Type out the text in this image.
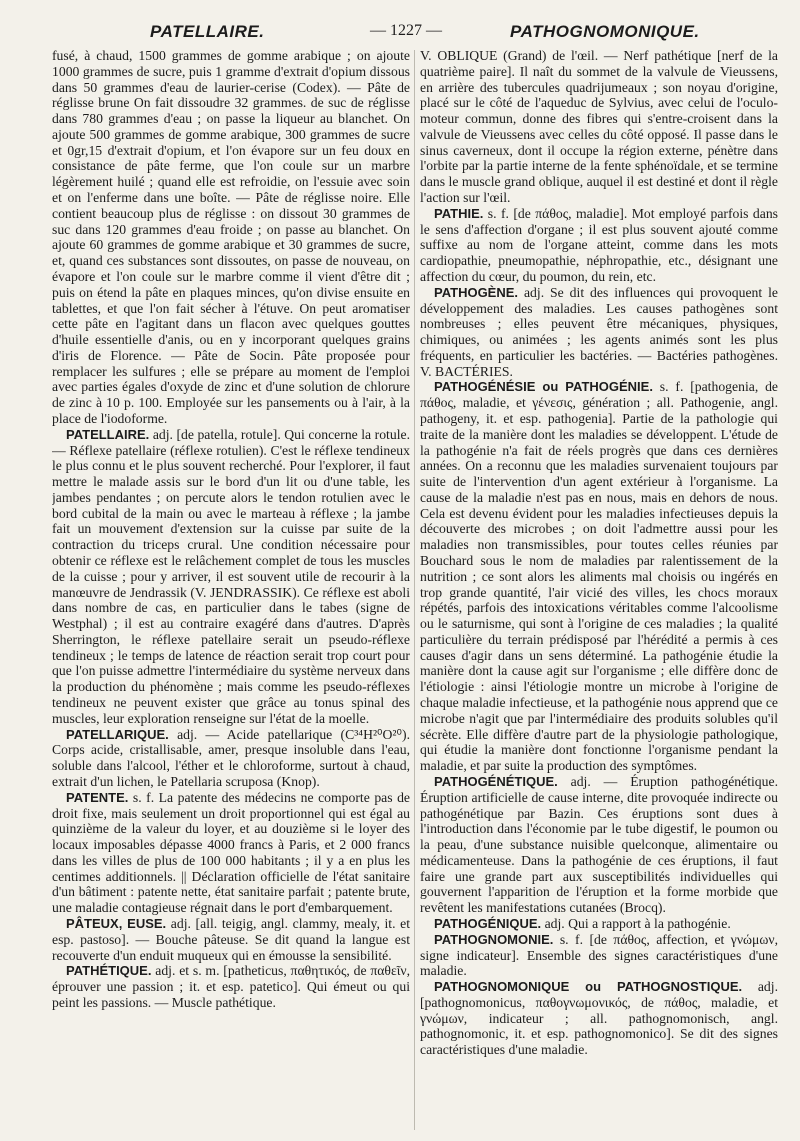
PATELLAIRE.	— 1227 —	PATHOGNOMONIQUE.

fusé, à chaud, 1500 grammes de gomme arabique ; on ajoute 1000 grammes de sucre, puis 1 gramme d'extrait d'opium dissous dans 50 grammes d'eau de laurier-cerise (Codex). — Pâte de réglisse brune On fait dissoudre 32 grammes. de suc de réglisse dans 780 grammes d'eau ; on passe la liqueur au blanchet. On ajoute 500 grammes de gomme arabique, 300 grammes de sucre et 0gr,15 d'extrait d'opium, et l'on évapore sur un feu doux en consistance de pâte ferme, que l'on coule sur un marbre légèrement huilé ; quand elle est refroidie, on l'essuie avec soin et on l'enferme dans une boîte. — Pâte de réglisse noire. Elle contient beaucoup plus de réglisse : on dissout 30 grammes de suc dans 120 grammes d'eau froide ; on passe au blanchet. On ajoute 60 grammes de gomme arabique et 30 grammes de sucre, et, quand ces substances sont dissoutes, on passe de nouveau, on évapore et l'on coule sur le marbre comme il vient d'être dit ; puis on étend la pâte en plaques minces, qu'on divise ensuite en tablettes, et que l'on fait sécher à l'étuve. On peut aromatiser cette pâte en l'agitant dans un flacon avec quelques gouttes d'huile essentielle d'anis, ou en y incorporant quelques grains d'iris de Florence. — Pâte de Socin. Pâte proposée pour remplacer les sulfures ; elle se prépare au moment de l'emploi avec parties égales d'oxyde de zinc et d'une solution de chlorure de zinc à 10 p. 100. Employée sur les pansements ou à l'air, à la place de l'iodoforme.

PATELLAIRE. adj. [de patella, rotule]. Qui concerne la rotule. — Réflexe patellaire (réflexe rotulien). C'est le réflexe tendineux le plus connu et le plus souvent recherché. Pour l'explorer, il faut mettre le malade assis sur le bord d'un lit ou d'une table, les jambes pendantes ; on percute alors le tendon rotulien avec le bord cubital de la main ou avec le marteau à réflexe ; la jambe fait un mouvement d'extension sur la cuisse par suite de la contraction du triceps crural. Une condition nécessaire pour obtenir ce réflexe est le relâchement complet de tous les muscles de la cuisse ; pour y arriver, il est souvent utile de recourir à la manœuvre de Jendrassik (V. JENDRASSIK). Ce réflexe est aboli dans nombre de cas, en particulier dans le tabes (signe de Westphal) ; il est au contraire exagéré dans d'autres. D'après Sherrington, le réflexe patellaire serait un pseudo-réflexe tendineux ; le temps de latence de réaction serait trop court pour que l'on puisse admettre l'intermédiaire du système nerveux dans la production du phénomène ; mais comme les pseudo-réflexes tendineux ne peuvent exister que grâce au tonus spinal des muscles, leur exploration renseigne sur l'état de la moelle.

PATELLARIQUE. adj. — Acide patellarique (C³⁴H²⁰O²⁰). Corps acide, cristallisable, amer, presque insoluble dans l'eau, soluble dans l'alcool, l'éther et le chloroforme, surtout à chaud, extrait d'un lichen, le Patellaria scruposa (Knop).

PATENTE. s. f. La patente des médecins ne comporte pas de droit fixe, mais seulement un droit proportionnel qui est égal au quinzième de la valeur du loyer, et au douzième si le loyer des locaux imposables dépasse 4000 francs à Paris, et 2 000 francs dans les villes de plus de 100 000 habitants ; il y a en plus les centimes additionnels. || Déclaration officielle de l'état sanitaire d'un bâtiment : patente nette, état sanitaire parfait ; patente brute, une maladie contagieuse régnait dans le port d'embarquement.

PÂTEUX, EUSE. adj. [all. teigig, angl. clammy, mealy, it. et esp. pastoso]. — Bouche pâteuse. Se dit quand la langue est recouverte d'un enduit muqueux qui en émousse la sensibilité.

PATHÉTIQUE. adj. et s. m. [patheticus, παθητικός, de παθεῖν, éprouver une passion ; it. et esp. patetico]. Qui émeut ou qui peint les passions. — Muscle pathétique.

V. OBLIQUE (Grand) de l'œil. — Nerf pathétique [nerf de la quatrième paire]. Il naît du sommet de la valvule de Vieussens, en arrière des tubercules quadrijumeaux ; son noyau d'origine, placé sur le côté de l'aqueduc de Sylvius, avec celui de l'oculo-moteur commun, donne des fibres qui s'entre-croisent dans la valvule de Vieussens avec celles du côté opposé. Il passe dans le sinus caverneux, dont il occupe la région externe, pénètre dans l'orbite par la partie interne de la fente sphénoïdale, et se termine dans le muscle grand oblique, auquel il est destiné et dont il règle l'action sur l'œil.

PATHIE. s. f. [de πάθος, maladie]. Mot employé parfois dans le sens d'affection d'organe ; il est plus souvent ajouté comme suffixe au nom de l'organe atteint, comme dans les mots cardiopathie, pneumopathie, néphropathie, etc., désignant une affection du cœur, du poumon, du rein, etc.

PATHOGÈNE. adj. Se dit des influences qui provoquent le développement des maladies. Les causes pathogènes sont nombreuses ; elles peuvent être mécaniques, physiques, chimiques, ou animées ; les agents animés sont les plus fréquents, en particulier les bactéries. — Bactéries pathogènes. V. BACTÉRIES.

PATHOGÉNÉSIE ou PATHOGÉNIE. s. f. [pathogenia, de πάθος, maladie, et γένεσις, génération ; all. Pathogenie, angl. pathogeny, it. et esp. pathogenia]. Partie de la pathologie qui traite de la manière dont les maladies se développent. L'étude de la pathogénie n'a fait de réels progrès que dans ces dernières années. On a reconnu que les maladies survenaient toujours par suite de l'intervention d'un agent extérieur à l'organisme. La cause de la maladie n'est pas en nous, mais en dehors de nous. Cela est devenu évident pour les maladies infectieuses depuis la découverte des microbes ; on doit l'admettre aussi pour les maladies non transmissibles, pour toutes celles réunies par Bouchard sous le nom de maladies par ralentissement de la nutrition ; ce sont alors les aliments mal choisis ou ingérés en trop grande quantité, l'air vicié des villes, les chocs moraux répétés, parfois des intoxications véritables comme l'alcoolisme ou le saturnisme, qui sont à l'origine de ces maladies ; la qualité particulière du terrain prédisposé par l'hérédité a permis à ces causes d'agir dans un sens déterminé. La pathogénie étudie la manière dont la cause agit sur l'organisme ; elle diffère donc de l'étiologie : ainsi l'étiologie montre un microbe à l'origine de chaque maladie infectieuse, et la pathogénie nous apprend que ce microbe n'agit que par l'intermédiaire des produits solubles qu'il sécrète. Elle diffère d'autre part de la physiologie pathologique, qui étudie la manière dont fonctionne l'organisme pendant la maladie, et par suite la production des symptômes.

PATHOGÉNÉTIQUE. adj. — Éruption pathogénétique. Éruption artificielle de cause interne, dite provoquée indirecte ou pathogénétique par Bazin. Ces éruptions sont dues à l'introduction dans l'économie par le tube digestif, le poumon ou la peau, d'une substance nuisible quelconque, alimentaire ou médicamenteuse. Dans la pathogénie de ces éruptions, il faut faire une grande part aux susceptibilités individuelles qui gouvernent l'apparition de l'éruption et la forme morbide que revêtent les manifestations cutanées (Brocq).

PATHOGÉNIQUE. adj. Qui a rapport à la pathogénie.

PATHOGNOMONIE. s. f. [de πάθος, affection, et γνώμων, signe indicateur]. Ensemble des signes caractéristiques d'une maladie.

PATHOGNOMONIQUE ou PATHOGNOSTIQUE. adj. [pathognomonicus, παθογνωμονικός, de πάθος, maladie, et γνώμων, indicateur ; all. pathognomonisch, angl. pathognomonic, it. et esp. pathognomonico]. Se dit des signes caractéristiques d'une maladie.
